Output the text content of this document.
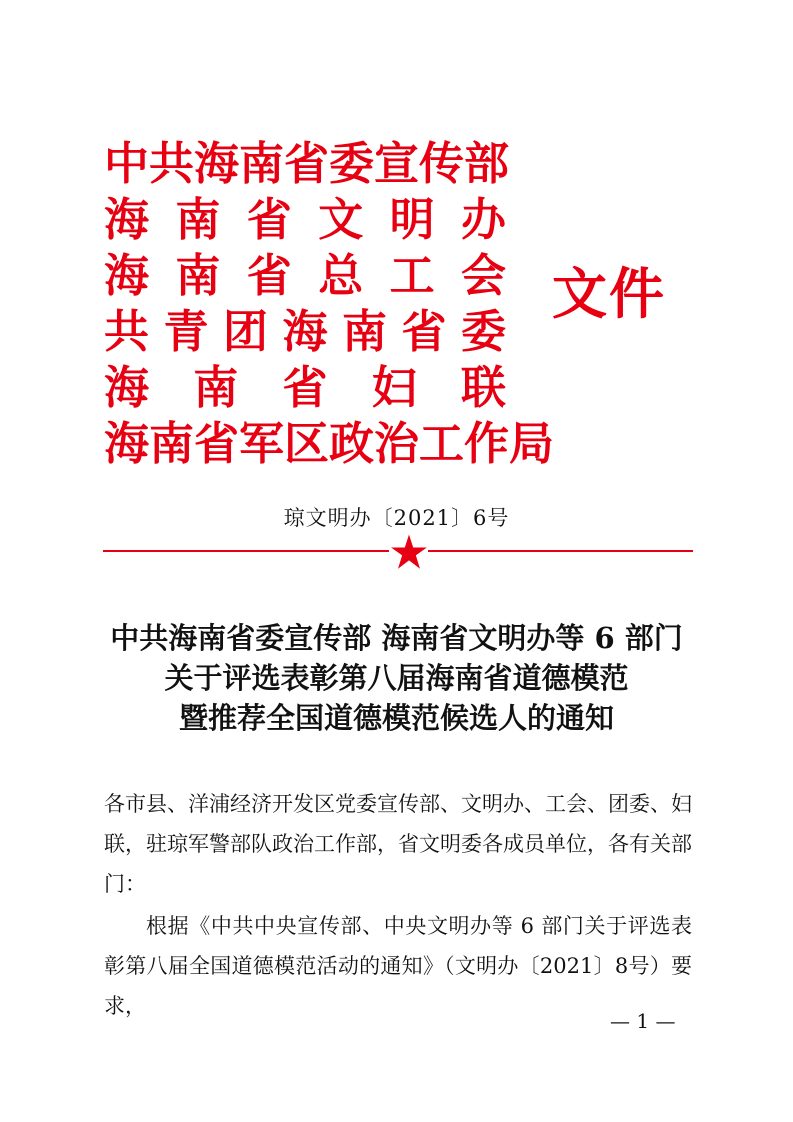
中共海南省委宣传部
海南省文明办
海南省总工会
共青团海南省委
海南省妇联
海南省军区政治工作局
文件
琼文明办〔2021〕6号
中共海南省委宣传部 海南省文明办等 6 部门
关于评选表彰第八届海南省道德模范
暨推荐全国道德模范候选人的通知

各市县、洋浦经济开发区党委宣传部、文明办、工会、团委、妇联，驻琼军警部队政治工作部，省文明委各成员单位，各有关部门：

根据《中共中央宣传部、中央文明办等 6 部门关于评选表彰第八届全国道德模范活动的通知》（文明办〔2021〕8号）要求，

— 1 —
